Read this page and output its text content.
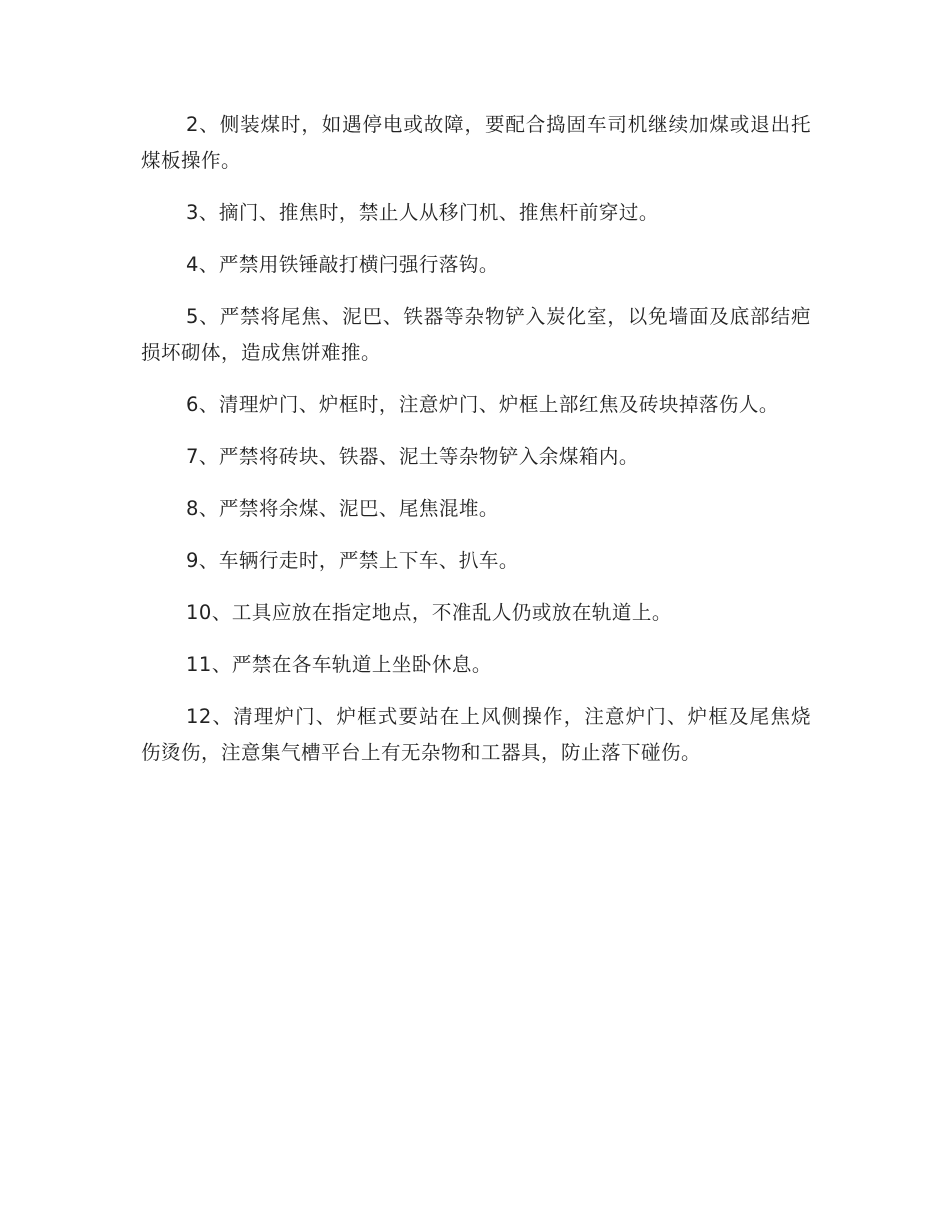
2、侧装煤时，如遇停电或故障，要配合捣固车司机继续加煤或退出托煤板操作。

3、摘门、推焦时，禁止人从移门机、推焦杆前穿过。

4、严禁用铁锤敲打横闩强行落钩。

5、严禁将尾焦、泥巴、铁器等杂物铲入炭化室，以免墙面及底部结疤损坏砌体，造成焦饼难推。

6、清理炉门、炉框时，注意炉门、炉框上部红焦及砖块掉落伤人。

7、严禁将砖块、铁器、泥土等杂物铲入余煤箱内。

8、严禁将余煤、泥巴、尾焦混堆。

9、车辆行走时，严禁上下车、扒车。

10、工具应放在指定地点，不准乱人仍或放在轨道上。

11、严禁在各车轨道上坐卧休息。

12、清理炉门、炉框式要站在上风侧操作，注意炉门、炉框及尾焦烧伤烫伤，注意集气槽平台上有无杂物和工器具，防止落下碰伤。
